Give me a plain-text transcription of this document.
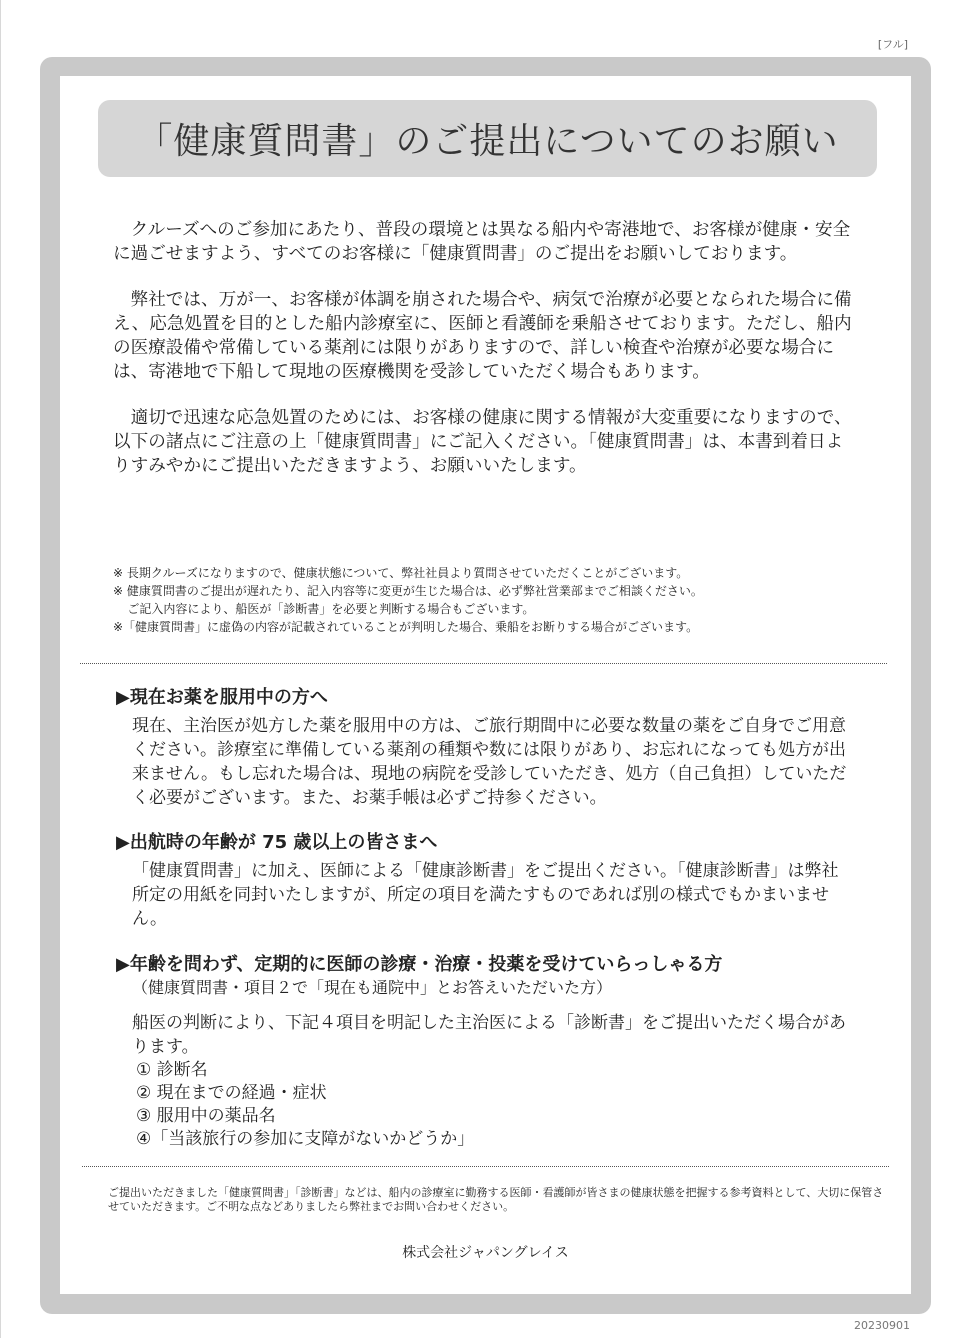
[フル]
「健康質問書」のご提出についてのお願い

クルーズへのご参加にあたり、普段の環境とは異なる船内や寄港地で、お客様が健康・安全に過ごせますよう、すべてのお客様に「健康質問書」のご提出をお願いしております。

弊社では、万が一、お客様が体調を崩された場合や、病気で治療が必要となられた場合に備え、応急処置を目的とした船内診療室に、医師と看護師を乗船させております。ただし、船内の医療設備や常備している薬剤には限りがありますので、詳しい検査や治療が必要な場合には、寄港地で下船して現地の医療機関を受診していただく場合もあります。

適切で迅速な応急処置のためには、お客様の健康に関する情報が大変重要になりますので、以下の諸点にご注意の上「健康質問書」にご記入ください。「健康質問書」は、本書到着日よりすみやかにご提出いただきますよう、お願いいたします。

※ 長期クルーズになりますので、健康状態について、弊社社員より質問させていただくことがございます。
※ 健康質問書のご提出が遅れたり、記入内容等に変更が生じた場合は、必ず弊社営業部までご相談ください。
ご記入内容により、船医が「診断書」を必要と判断する場合もございます。
※「健康質問書」に虚偽の内容が記載されていることが判明した場合、乗船をお断りする場合がございます。
▶現在お薬を服用中の方へ
現在、主治医が処方した薬を服用中の方は、ご旅行期間中に必要な数量の薬をご自身でご用意ください。診療室に準備している薬剤の種類や数には限りがあり、お忘れになっても処方が出来ません。もし忘れた場合は、現地の病院を受診していただき、処方（自己負担）していただく必要がございます。また、お薬手帳は必ずご持参ください。
▶出航時の年齢が 75 歳以上の皆さまへ
「健康質問書」に加え、医師による「健康診断書」をご提出ください。「健康診断書」は弊社所定の用紙を同封いたしますが、所定の項目を満たすものであれば別の様式でもかまいません。
▶年齢を問わず、定期的に医師の診療・治療・投薬を受けていらっしゃる方
（健康質問書・項目２で「現在も通院中」とお答えいただいた方）
船医の判断により、下記４項目を明記した主治医による「診断書」をご提出いただく場合があります。
① 診断名
② 現在までの経過・症状
③ 服用中の薬品名
④「当該旅行の参加に支障がないかどうか」
ご提出いただきました「健康質問書」「診断書」などは、船内の診療室に勤務する医師・看護師が皆さまの健康状態を把握する参考資料として、大切に保管させていただきます。ご不明な点などありましたら弊社までお問い合わせください。
株式会社ジャパングレイス
20230901
